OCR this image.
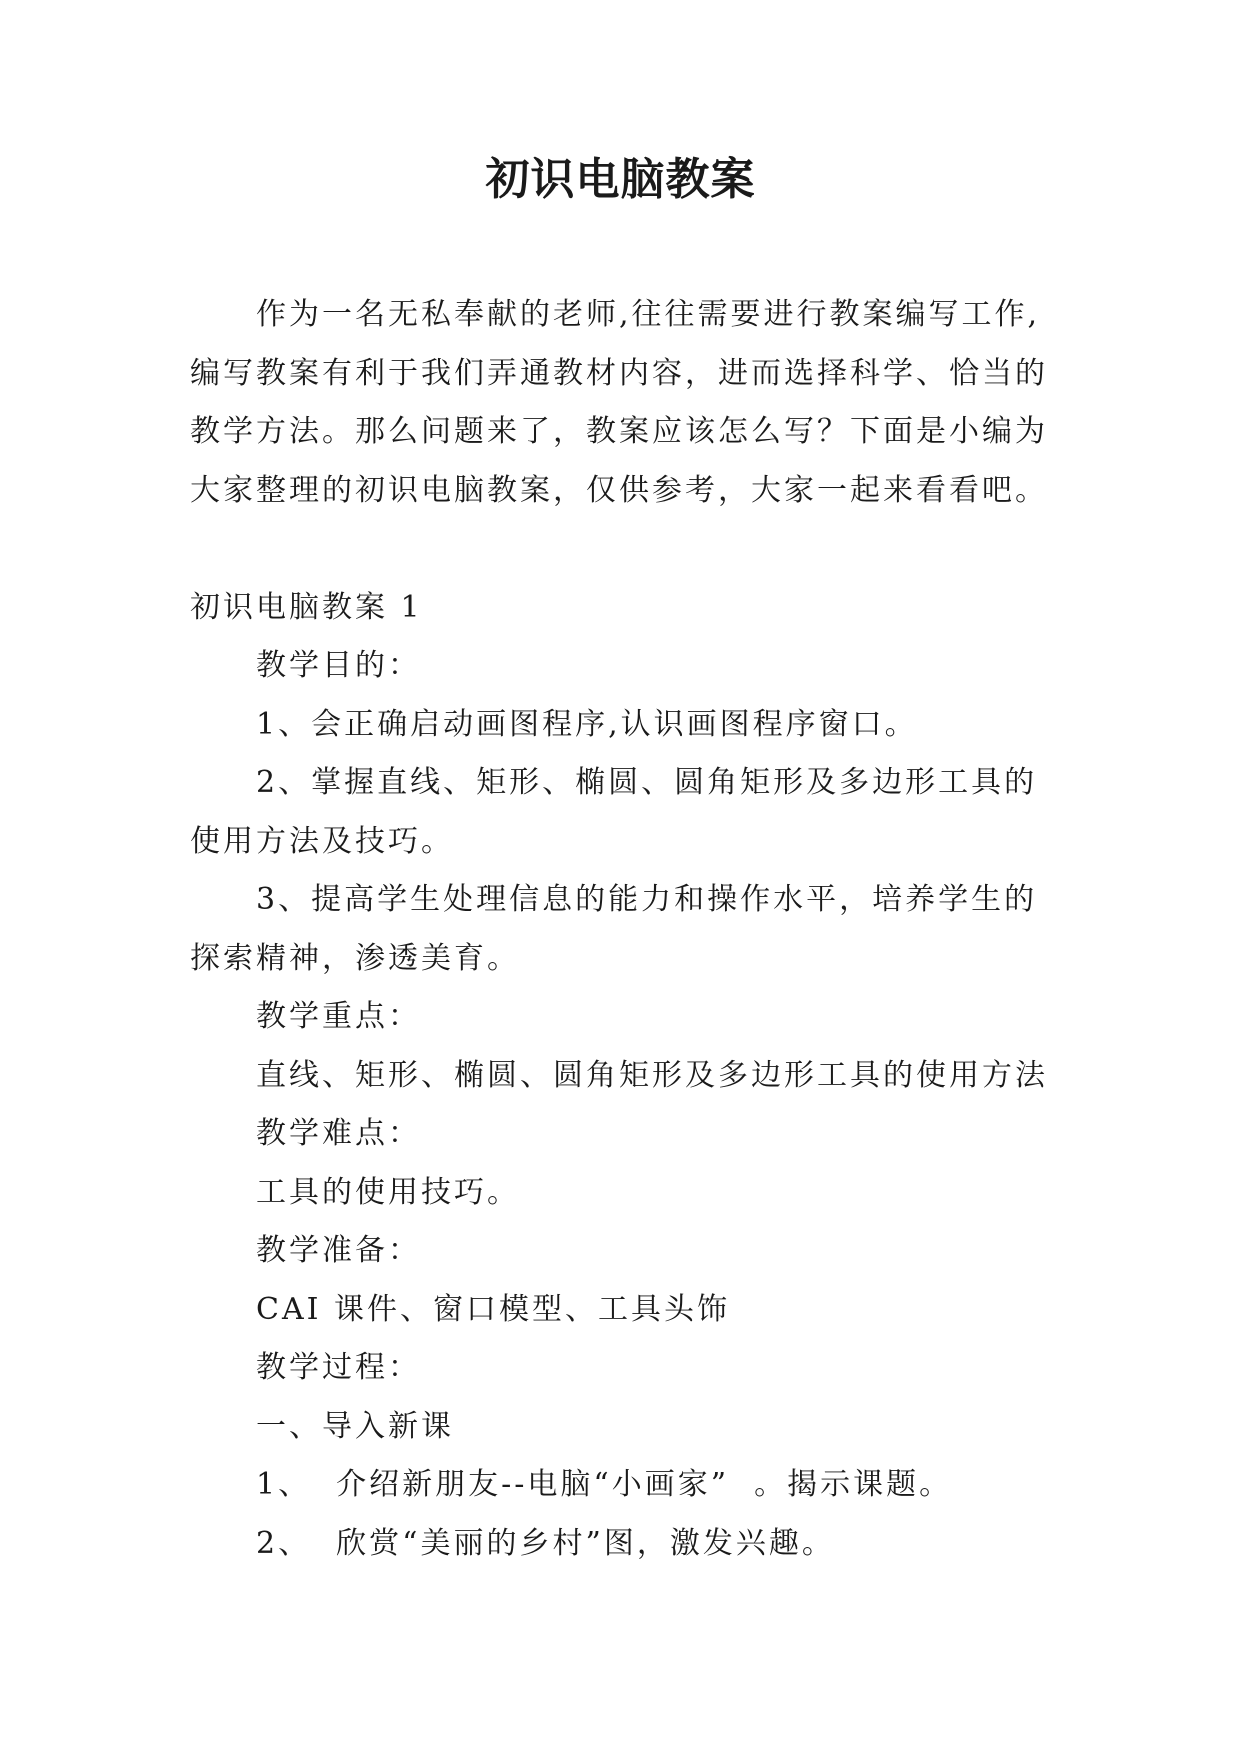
初识电脑教案

作为一名无私奉献的老师,往往需要进行教案编写工作,编写教案有利于我们弄通教材内容，进而选择科学、恰当的教学方法。那么问题来了，教案应该怎么写？下面是小编为大家整理的初识电脑教案，仅供参考，大家一起来看看吧。

初识电脑教案 1

教学目的：

1、会正确启动画图程序,认识画图程序窗口。

2、掌握直线、矩形、椭圆、圆角矩形及多边形工具的使用方法及技巧。

3、提高学生处理信息的能力和操作水平，培养学生的探索精神，渗透美育。

教学重点：

直线、矩形、椭圆、圆角矩形及多边形工具的使用方法

教学难点：

工具的使用技巧。

教学准备：

CAI 课件、窗口模型、工具头饰

教学过程：

一、导入新课

1、  介绍新朋友--电脑“小画家”  。揭示课题。

2、  欣赏“美丽的乡村”图，激发兴趣。
